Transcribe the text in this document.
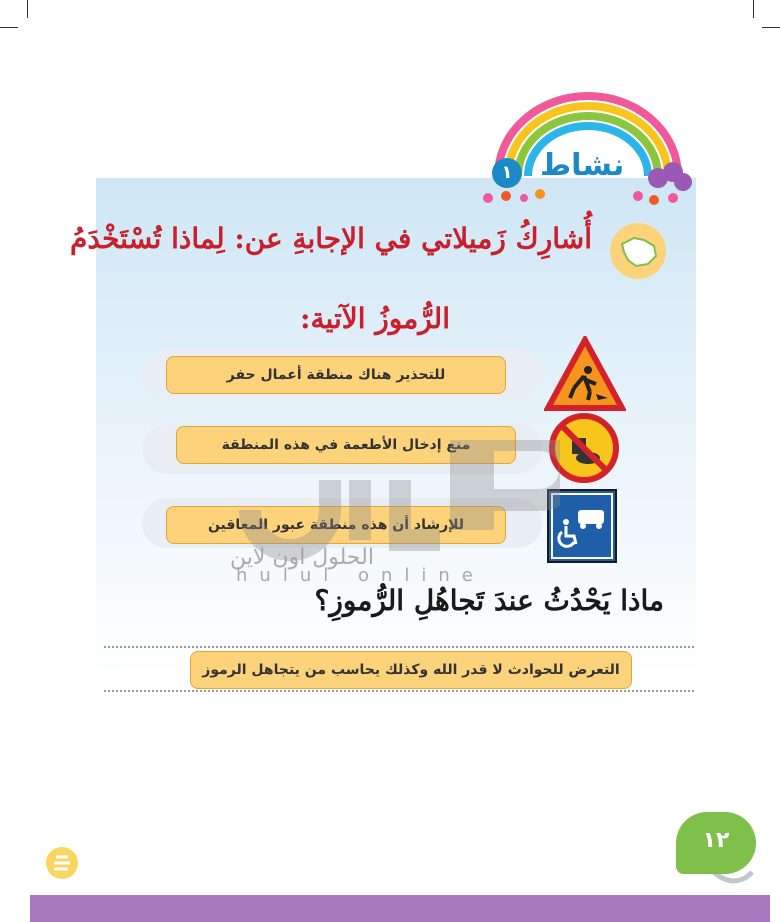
نشاط
١
أُشارِكُ زَميلاتي في الإجابةِ عن: لِماذا تُسْتَخْدَمُ
الرُّموزُ الآتية:
للتحذير هناك منطقة أعمال حفر
منع إدخال الأطعمة في هذه المنطقة
للإرشاد أن هذه منطقة عبور المعاقين
الحلول اون لاين
hulul online
ماذا يَحْدُثُ عندَ تَجاهُلِ الرُّموزِ؟
التعرض للحوادث لا قدر الله وكذلك يحاسب من يتجاهل الرموز
١٢
